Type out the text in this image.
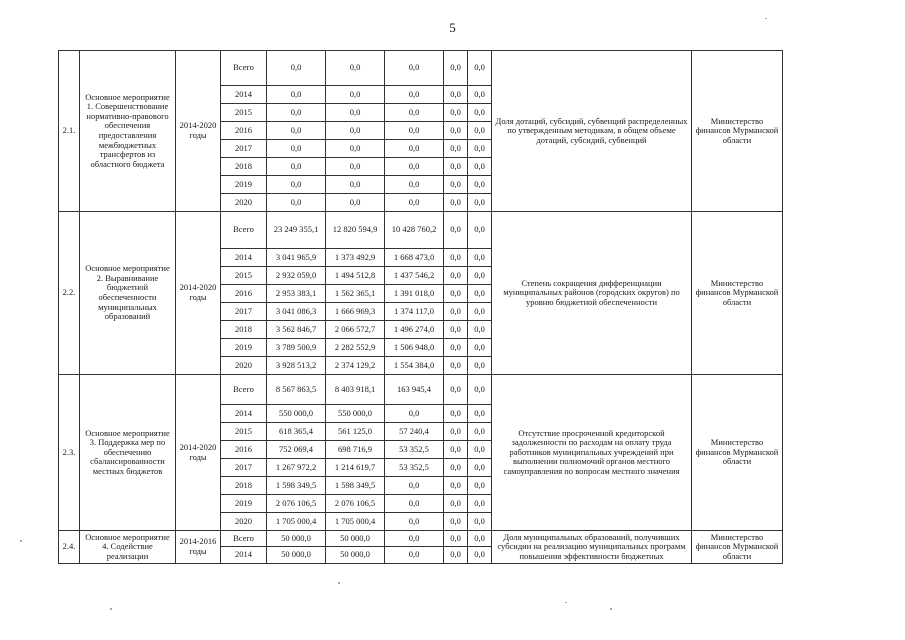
5
2.1.	Основное мероприятие 1. Совершенствование нормативно-правового обеспечения предоставления межбюджетных трансфертов из областного бюджета	2014-2020 годы	Всего	0,0	0,0	0,0	0,0	0,0	Доля дотаций, субсидий, субвенций распределенных по утвержденным методикам, в общем объеме дотаций, субсидий, субвенций	Министерство финансов Мурманской области
			2014	0,0	0,0	0,0	0,0	0,0		
			2015	0,0	0,0	0,0	0,0	0,0		
			2016	0,0	0,0	0,0	0,0	0,0		
			2017	0,0	0,0	0,0	0,0	0,0		
			2018	0,0	0,0	0,0	0,0	0,0		
			2019	0,0	0,0	0,0	0,0	0,0		
			2020	0,0	0,0	0,0	0,0	0,0		
2.2.	Основное мероприятие 2. Выравнивание бюджетной обеспеченности муниципальных образований	2014-2020 годы	Всего	23 249 355,1	12 820 594,9	10 428 760,2	0,0	0,0	Степень сокращения дифференциации муниципальных районов (городских округов) по уровню бюджетной обеспеченности	Министерство финансов Мурманской области
			2014	3 041 965,9	1 373 492,9	1 668 473,0	0,0	0,0		
			2015	2 932 059,0	1 494 512,8	1 437 546,2	0,0	0,0		
			2016	2 953 383,1	1 562 365,1	1 391 018,0	0,0	0,0		
			2017	3 041 086,3	1 666 969,3	1 374 117,0	0,0	0,0		
			2018	3 562 846,7	2 066 572,7	1 496 274,0	0,0	0,0		
			2019	3 789 500,9	2 282 552,9	1 506 948,0	0,0	0,0		
			2020	3 928 513,2	2 374 129,2	1 554 384,0	0,0	0,0		
2.3.	Основное мероприятие 3. Поддержка мер по обеспечению сбалансированности местных бюджетов	2014-2020 годы	Всего	8 567 863,5	8 403 918,1	163 945,4	0,0	0,0	Отсутствие просроченной кредиторской задолженности по расходам на оплату труда работников муниципальных учреждений при выполнении полномочий органов местного самоуправления по вопросам местного значения	Министерство финансов Мурманской области
			2014	550 000,0	550 000,0	0,0	0,0	0,0		
			2015	618 365,4	561 125,0	57 240,4	0,0	0,0		
			2016	752 069,4	698 716,9	53 352,5	0,0	0,0		
			2017	1 267 972,2	1 214 619,7	53 352,5	0,0	0,0		
			2018	1 598 349,5	1 598 349,5	0,0	0,0	0,0		
			2019	2 076 106,5	2 076 106,5	0,0	0,0	0,0		
			2020	1 705 000,4	1 705 000,4	0,0	0,0	0,0		
2.4.	Основное мероприятие 4. Содействие реализации	2014-2016 годы	Всего	50 000,0	50 000,0	0,0	0,0	0,0	Доля муниципальных образований, получивших субсидии на реализацию муниципальных программ повышения эффективности бюджетных	Министерство финансов Мурманской области
			2014	50 000,0	50 000,0	0,0	0,0	0,0		
